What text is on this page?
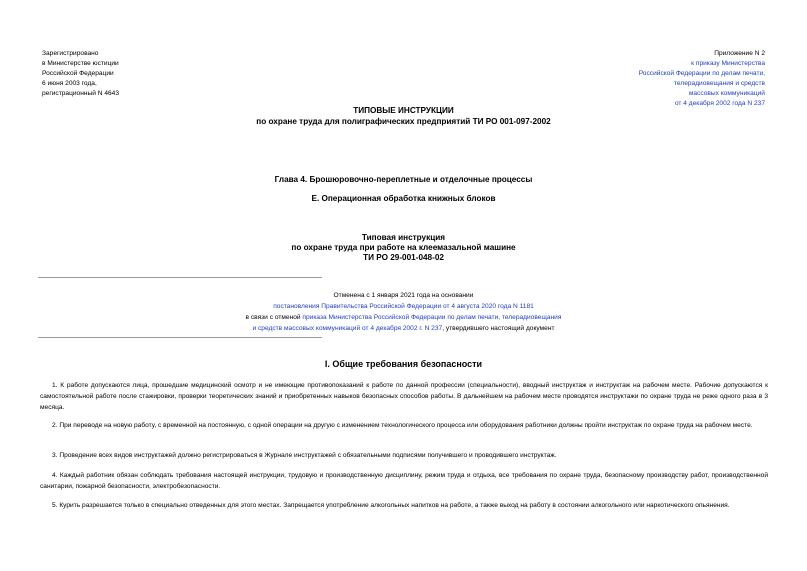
Зарегистрировано
в Министерстве юстиции
Российской Федерации
6 июня 2003 года,
регистрационный N 4643
Приложение N 2
к приказу Министерства
Российской Федерации по делам печати,
телерадиовещания и средств
массовых коммуникаций
от 4 декабря 2002 года N 237
ТИПОВЫЕ ИНСТРУКЦИИ
по охране труда для полиграфических предприятий ТИ РО 001-097-2002
Глава 4. Брошюровочно-переплетные и отделочные процессы
Е. Операционная обработка книжных блоков
Типовая инструкция
по охране труда при работе на клеемазальной машине
ТИ РО 29-001-048-02
Отменена с 1 января 2021 года на основании
постановления Правительства Российской Федерации от 4 августа 2020 года N 1181
в связи с отменой приказа Министерства Российской Федерации по делам печати, телерадиовещания
и средств массовых коммуникаций от 4 декабря 2002 г. N 237, утвердившего настоящий документ
I. Общие требования безопасности
1. К работе допускаются лица, прошедшие медицинский осмотр и не имеющие противопоказаний к работе по данной профессии (специальности), вводный инструктаж и инструктаж на рабочем месте. Рабочие допускаются к самостоятельной работе после стажировки, проверки теоретических знаний и приобретенных навыков безопасных способов работы. В дальнейшем на рабочем месте проводятся инструктажи по охране труда не реже одного раза в 3 месяца.
2. При переводе на новую работу, с временной на постоянную, с одной операции на другую с изменением технологического процесса или оборудования работники должны пройти инструктаж по охране труда на рабочем месте.
3. Проведение всех видов инструктажей должно регистрироваться в Журнале инструктажей с обязательными подписями получившего и проводившего инструктаж.
4. Каждый работник обязан соблюдать требования настоящей инструкции, трудовую и производственную дисциплину, режим труда и отдыха, все требования по охране труда, безопасному производству работ, производственной санитарии, пожарной безопасности, электробезопасности.
5. Курить разрешается только в специально отведенных для этого местах. Запрещается употребление алкогольных напитков на работе, а также выход на работу в состоянии алкогольного или наркотического опьянения.
